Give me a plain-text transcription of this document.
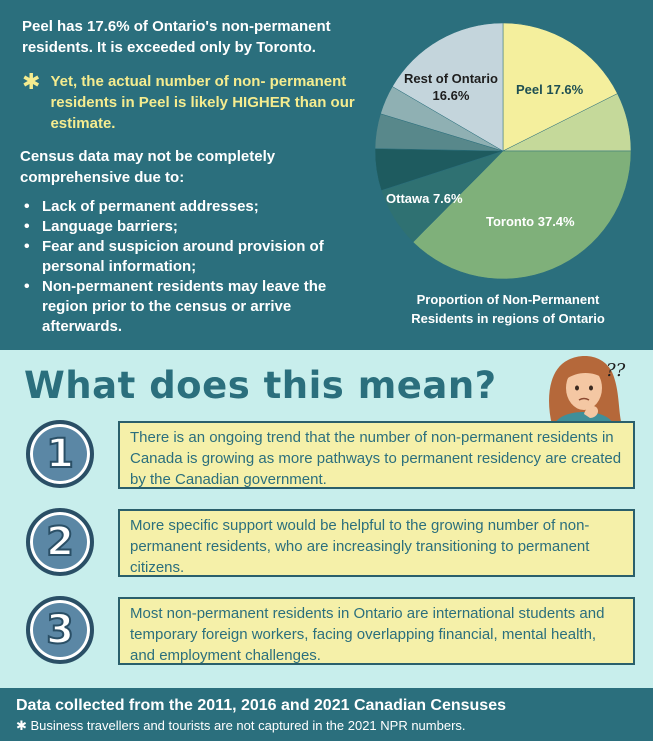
Peel has 17.6% of Ontario's non-permanent residents. It is exceeded only by Toronto.

✱ Yet, the actual number of non- permanent residents in Peel is likely HIGHER than our estimate.

Census data may not be completely comprehensive due to:

• Lack of permanent addresses;
• Language barriers;
• Fear and suspicion around provision of personal information;
• Non-permanent residents may leave the region prior to the census or arrive afterwards.
Peel 17.6%
Toronto 37.4%
Ottawa 7.6%
Rest of Ontario
16.6%
Proportion of Non-Permanent Residents in regions of Ontario
What does this mean?	??
1	There is an ongoing trend that the number of non-permanent residents in Canada is growing as more pathways to permanent residency are created by the Canadian government.
2	More specific support would be helpful to the growing number of non-permanent residents, who are increasingly transitioning to permanent citizens.
3	Most non-permanent residents in Ontario are international students and temporary foreign workers, facing overlapping financial, mental health, and employment challenges.
Data collected from the 2011, 2016 and 2021 Canadian Censuses
✱ Business travellers and tourists are not captured in the 2021 NPR numbers.
